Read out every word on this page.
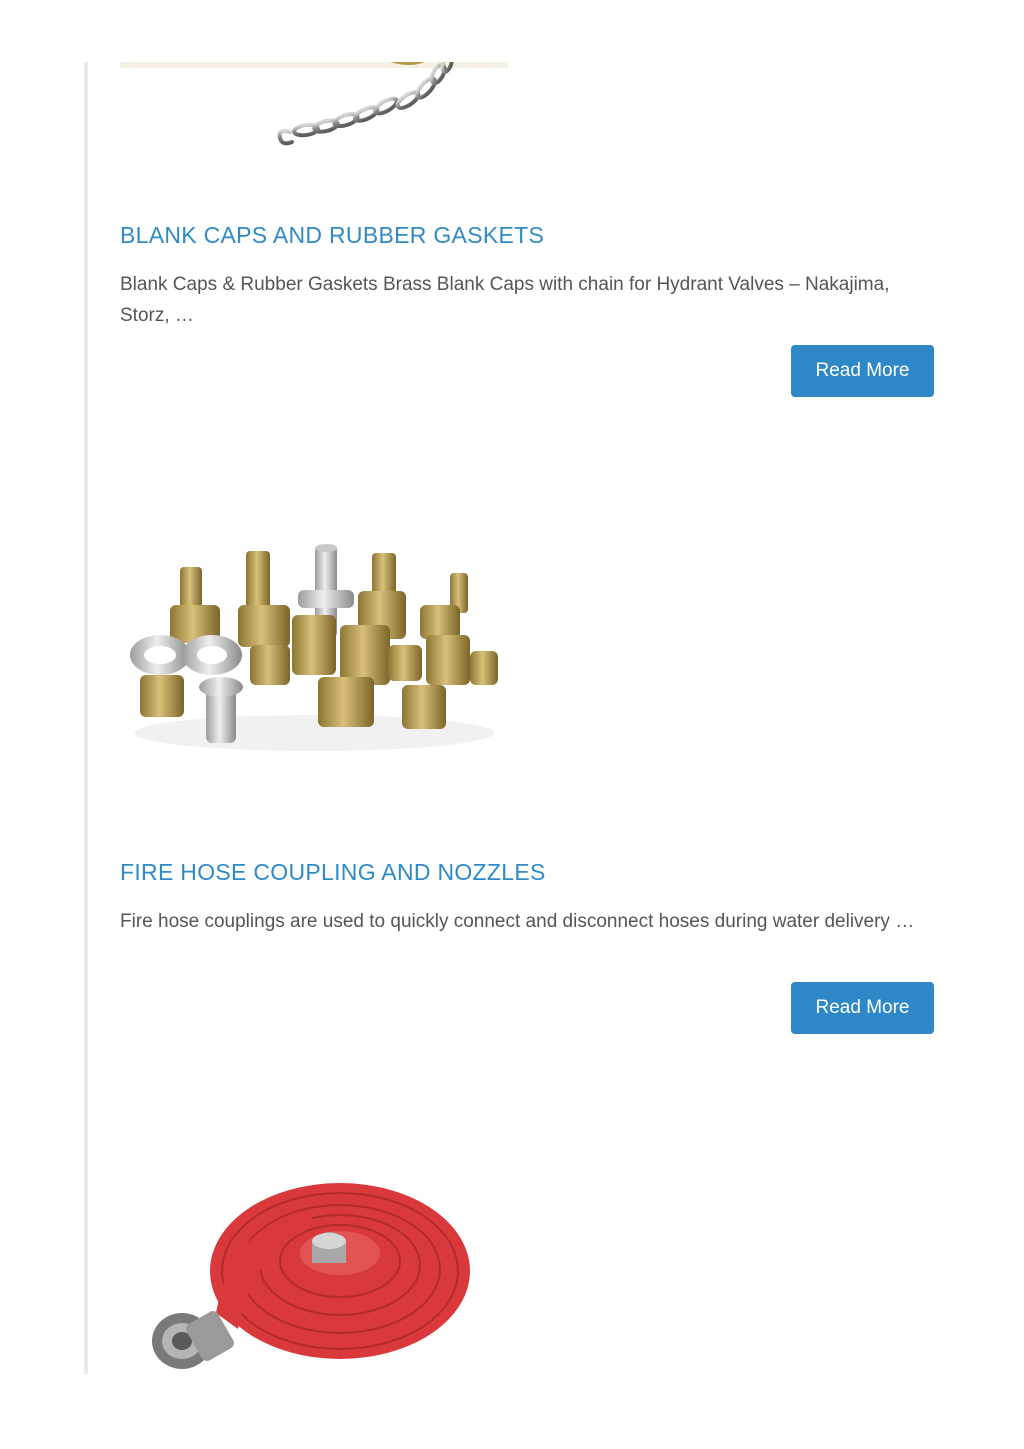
BLANK CAPS AND RUBBER GASKETS

Blank Caps & Rubber Gaskets Brass Blank Caps with chain for Hydrant Valves – Nakajima, Storz, …

Read More
FIRE HOSE COUPLING AND NOZZLES

Fire hose couplings are used to quickly connect and disconnect hoses during water delivery …

Read More
